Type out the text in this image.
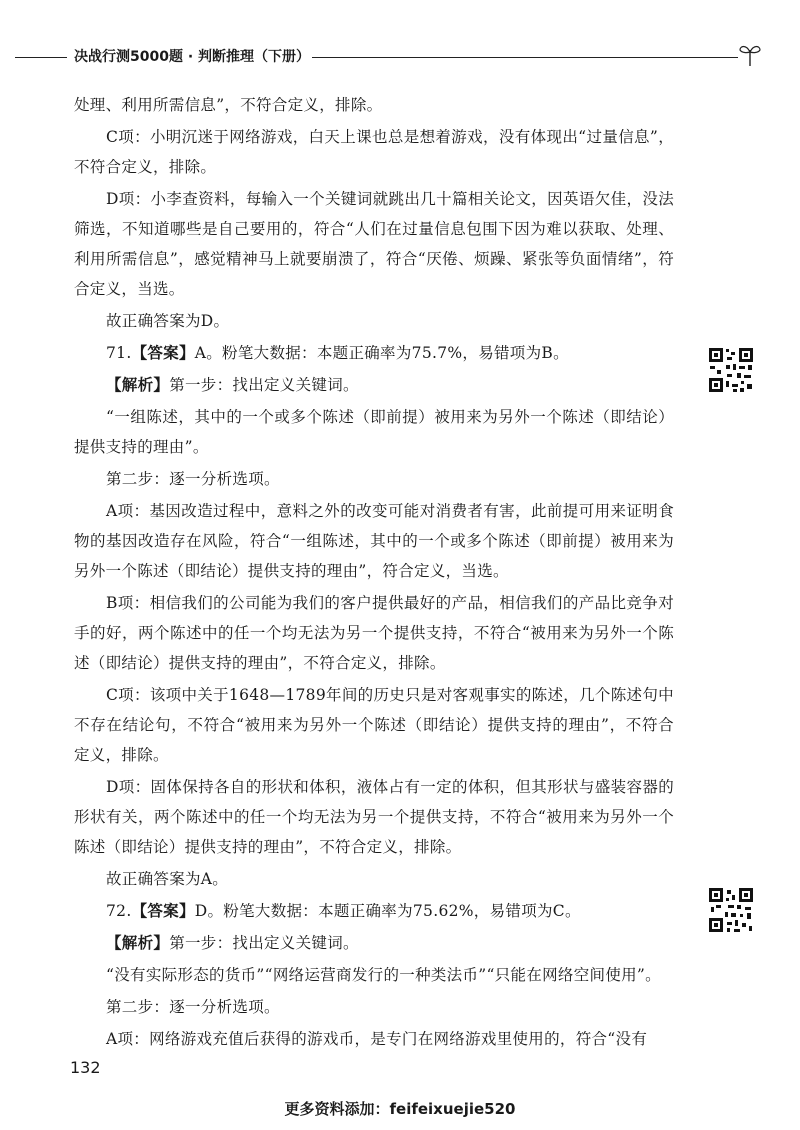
决战行测5000题 · 判断推理（下册）

处理、利用所需信息”，不符合定义，排除。

C项：小明沉迷于网络游戏，白天上课也总是想着游戏，没有体现出“过量信息”，不符合定义，排除。

D项：小李查资料，每输入一个关键词就跳出几十篇相关论文，因英语欠佳，没法筛选，不知道哪些是自己要用的，符合“人们在过量信息包围下因为难以获取、处理、利用所需信息”，感觉精神马上就要崩溃了，符合“厌倦、烦躁、紧张等负面情绪”，符合定义，当选。

故正确答案为D。

71.【答案】A。粉笔大数据：本题正确率为75.7%，易错项为B。

【解析】第一步：找出定义关键词。

“一组陈述，其中的一个或多个陈述（即前提）被用来为另外一个陈述（即结论）提供支持的理由”。

第二步：逐一分析选项。

A项：基因改造过程中，意料之外的改变可能对消费者有害，此前提可用来证明食物的基因改造存在风险，符合“一组陈述，其中的一个或多个陈述（即前提）被用来为另外一个陈述（即结论）提供支持的理由”，符合定义，当选。

B项：相信我们的公司能为我们的客户提供最好的产品，相信我们的产品比竞争对手的好，两个陈述中的任一个均无法为另一个提供支持，不符合“被用来为另外一个陈述（即结论）提供支持的理由”，不符合定义，排除。

C项：该项中关于1648—1789年间的历史只是对客观事实的陈述，几个陈述句中不存在结论句，不符合“被用来为另外一个陈述（即结论）提供支持的理由”，不符合定义，排除。

D项：固体保持各自的形状和体积，液体占有一定的体积，但其形状与盛装容器的形状有关，两个陈述中的任一个均无法为另一个提供支持，不符合“被用来为另外一个陈述（即结论）提供支持的理由”，不符合定义，排除。

故正确答案为A。

72.【答案】D。粉笔大数据：本题正确率为75.62%，易错项为C。

【解析】第一步：找出定义关键词。

“没有实际形态的货币”“网络运营商发行的一种类法币”“只能在网络空间使用”。

第二步：逐一分析选项。

A项：网络游戏充值后获得的游戏币，是专门在网络游戏里使用的，符合“没有

132
更多资料添加：feifeixuejie520
